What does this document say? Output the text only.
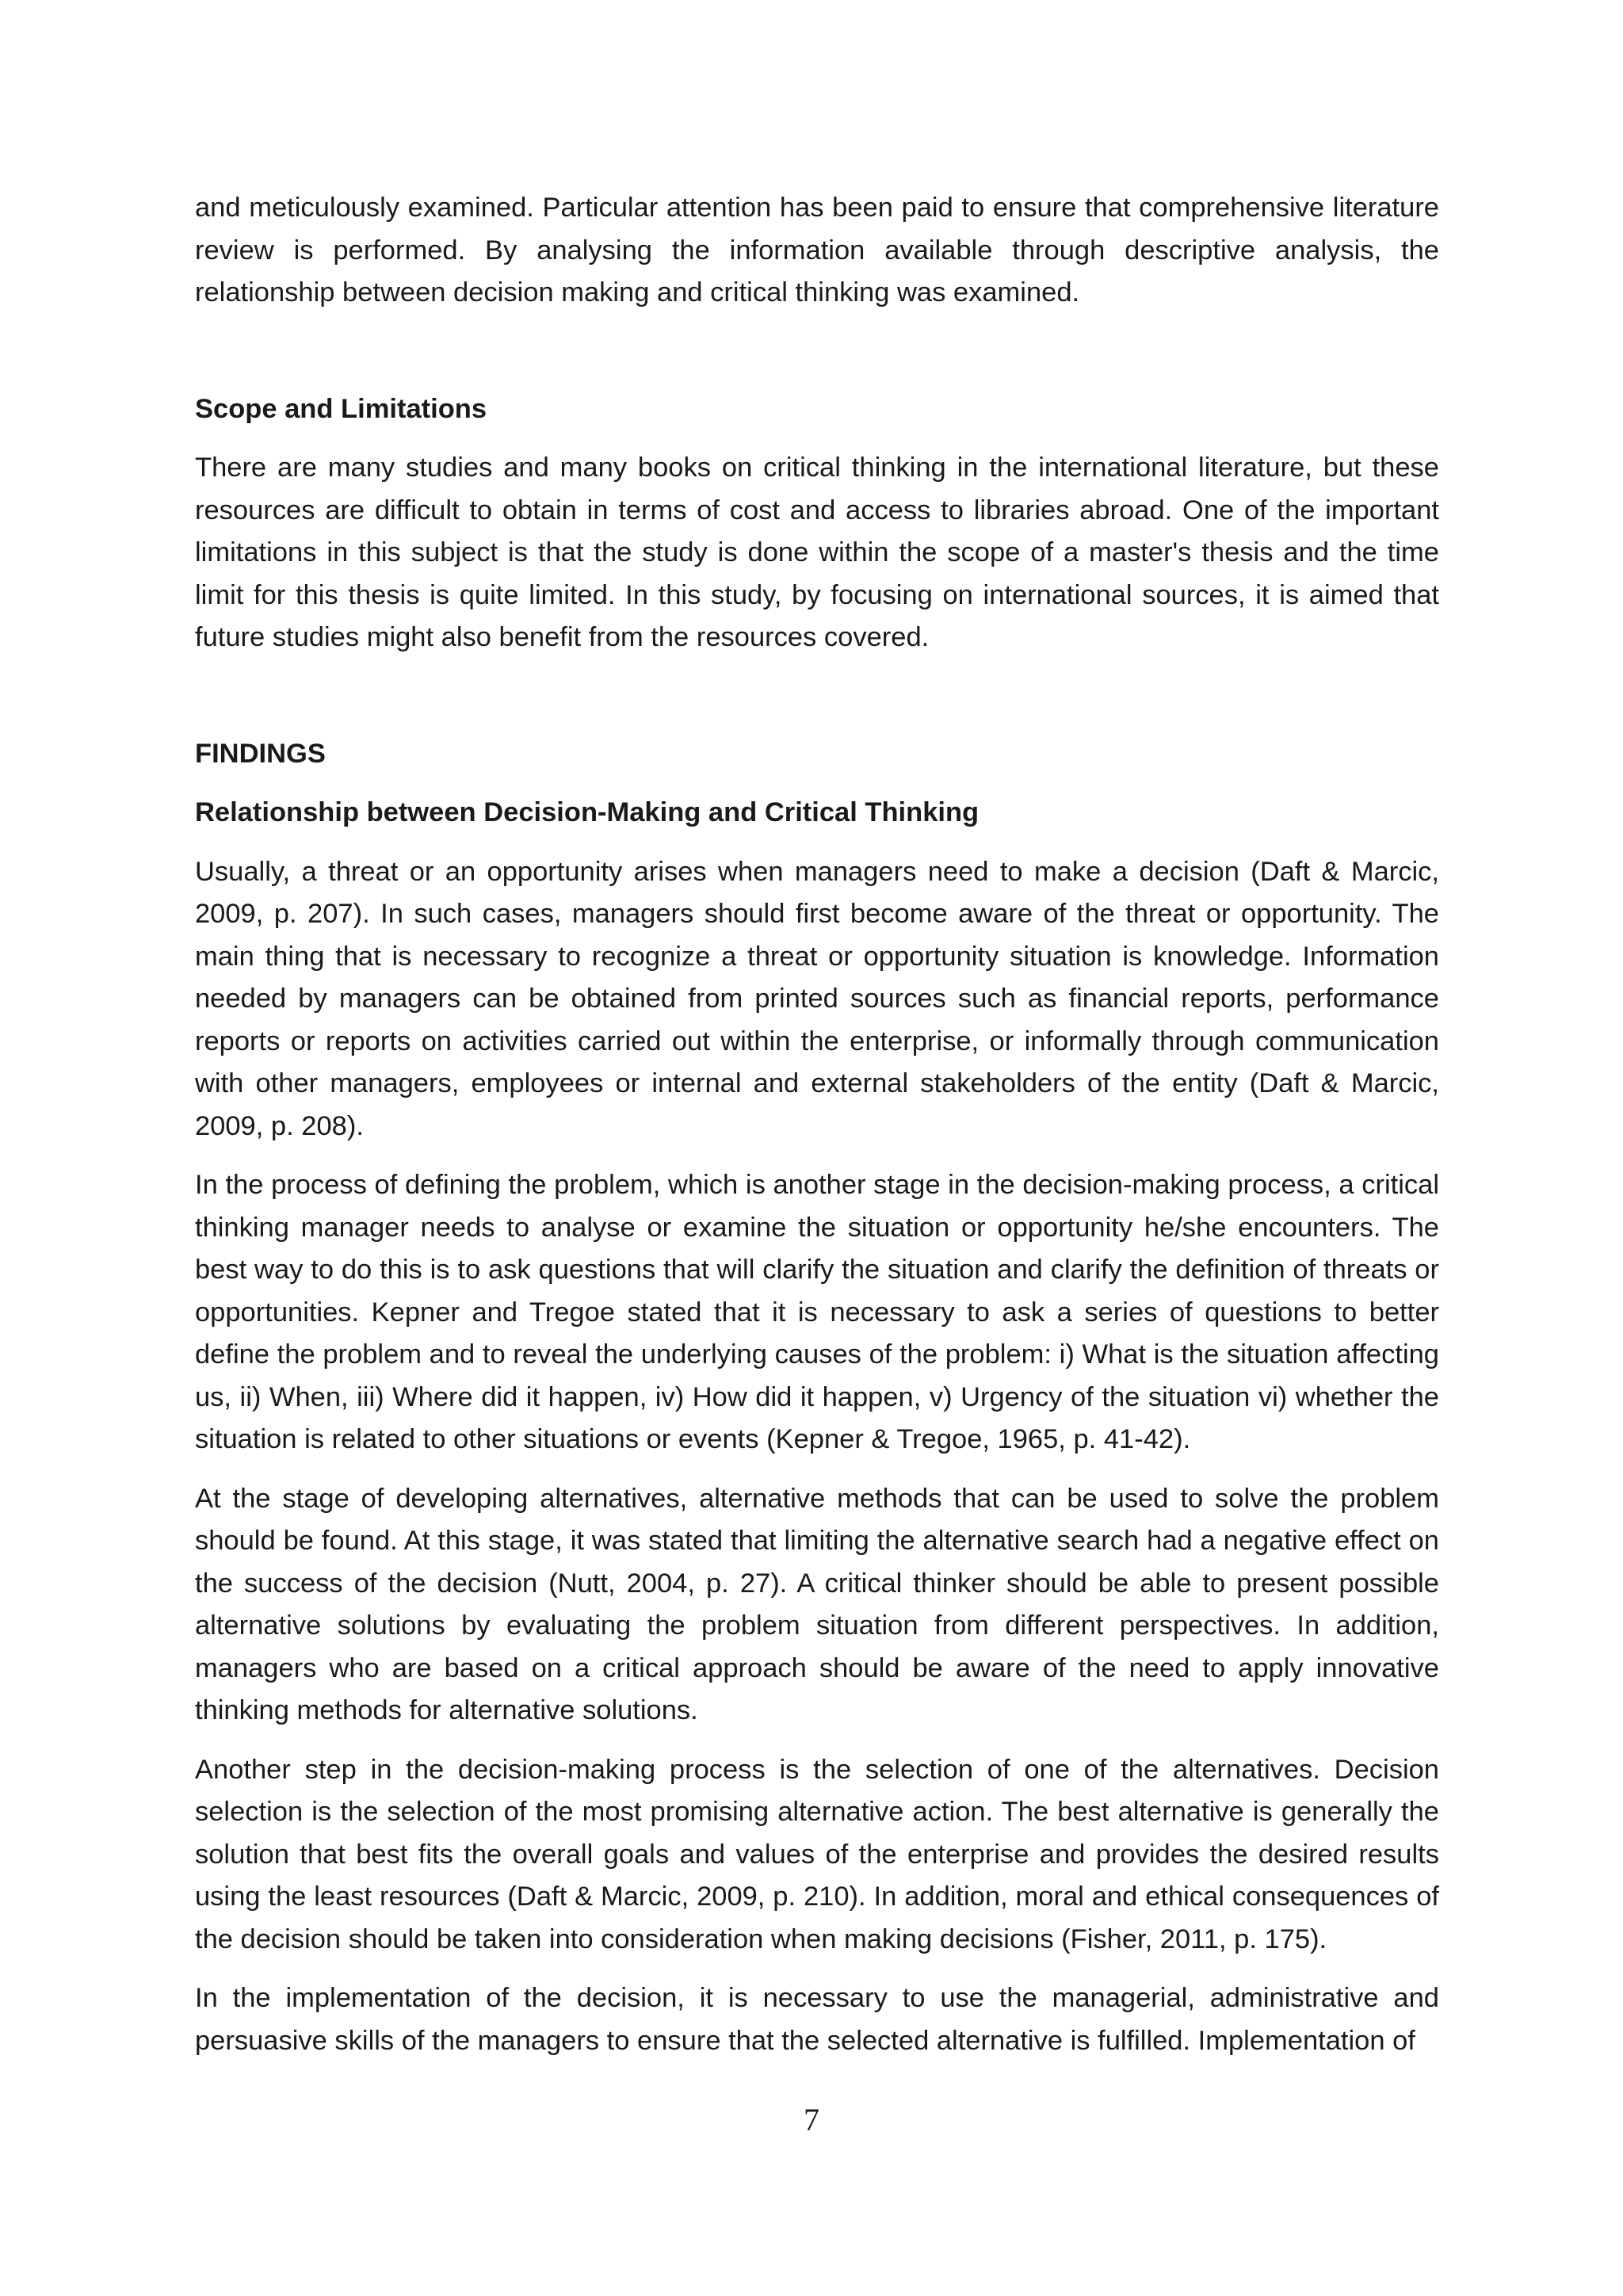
and meticulously examined. Particular attention has been paid to ensure that comprehensive literature review is performed. By analysing the information available through descriptive analysis, the relationship between decision making and critical thinking was examined.

Scope and Limitations

There are many studies and many books on critical thinking in the international literature, but these resources are difficult to obtain in terms of cost and access to libraries abroad. One of the important limitations in this subject is that the study is done within the scope of a master's thesis and the time limit for this thesis is quite limited. In this study, by focusing on international sources, it is aimed that future studies might also benefit from the resources covered.

FINDINGS
Relationship between Decision-Making and Critical Thinking

Usually, a threat or an opportunity arises when managers need to make a decision (Daft & Marcic, 2009, p. 207). In such cases, managers should first become aware of the threat or opportunity. The main thing that is necessary to recognize a threat or opportunity situation is knowledge. Information needed by managers can be obtained from printed sources such as financial reports, performance reports or reports on activities carried out within the enterprise, or informally through communication with other managers, employees or internal and external stakeholders of the entity (Daft & Marcic, 2009, p. 208).

In the process of defining the problem, which is another stage in the decision-making process, a critical thinking manager needs to analyse or examine the situation or opportunity he/she encounters. The best way to do this is to ask questions that will clarify the situation and clarify the definition of threats or opportunities. Kepner and Tregoe stated that it is necessary to ask a series of questions to better define the problem and to reveal the underlying causes of the problem: i) What is the situation affecting us, ii) When, iii) Where did it happen, iv) How did it happen, v) Urgency of the situation vi) whether the situation is related to other situations or events (Kepner & Tregoe, 1965, p. 41-42).

At the stage of developing alternatives, alternative methods that can be used to solve the problem should be found. At this stage, it was stated that limiting the alternative search had a negative effect on the success of the decision (Nutt, 2004, p. 27). A critical thinker should be able to present possible alternative solutions by evaluating the problem situation from different perspectives. In addition, managers who are based on a critical approach should be aware of the need to apply innovative thinking methods for alternative solutions.

Another step in the decision-making process is the selection of one of the alternatives. Decision selection is the selection of the most promising alternative action. The best alternative is generally the solution that best fits the overall goals and values of the enterprise and provides the desired results using the least resources (Daft & Marcic, 2009, p. 210). In addition, moral and ethical consequences of the decision should be taken into consideration when making decisions (Fisher, 2011, p. 175).

In the implementation of the decision, it is necessary to use the managerial, administrative and persuasive skills of the managers to ensure that the selected alternative is fulfilled. Implementation of

7
